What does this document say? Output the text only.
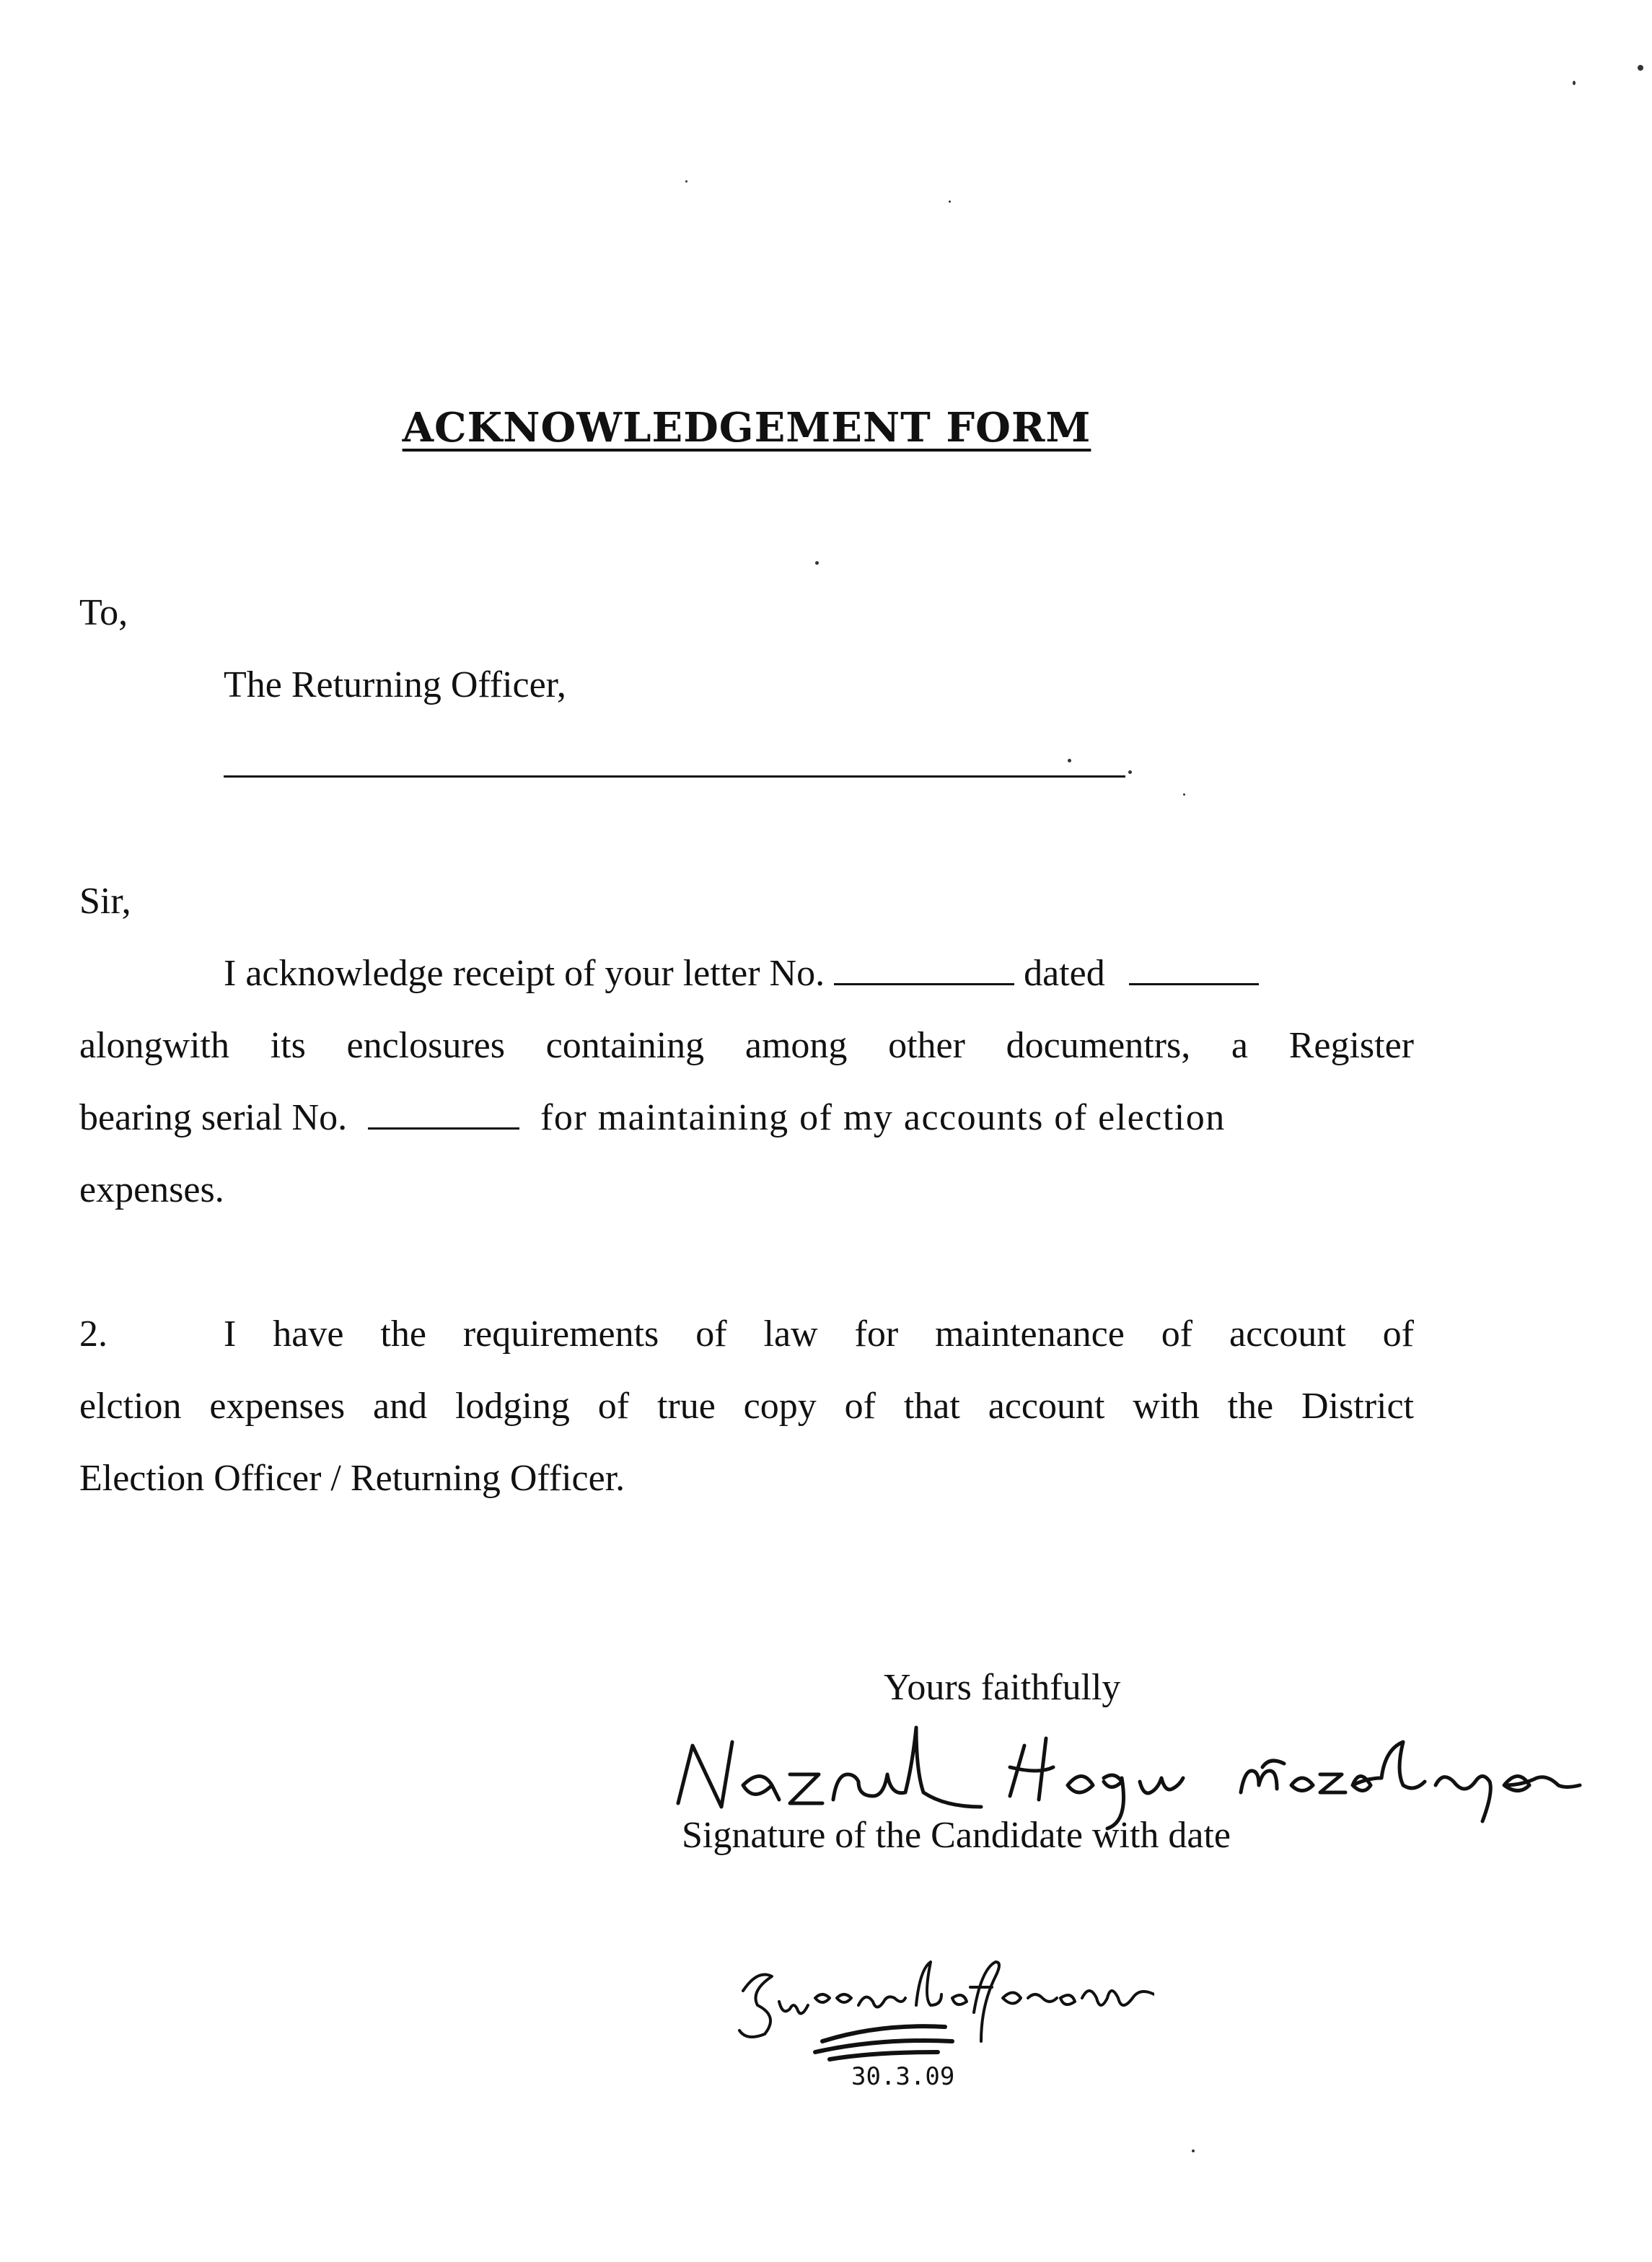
ACKNOWLEDGEMENT FORM
To,
The Returning Officer,
Sir,
I acknowledge receipt of your letter No.	dated
alongwith its enclosures containing among other documentrs, a Register
bearing serial No.	for maintaining of my accounts of election
expenses.
2.	I have the requirements of law for maintenance of account of
elction expenses and lodging of true copy of that account with the District
Election Officer / Returning Officer.
Yours faithfully
Signature of the Candidate with date
30.3.09
